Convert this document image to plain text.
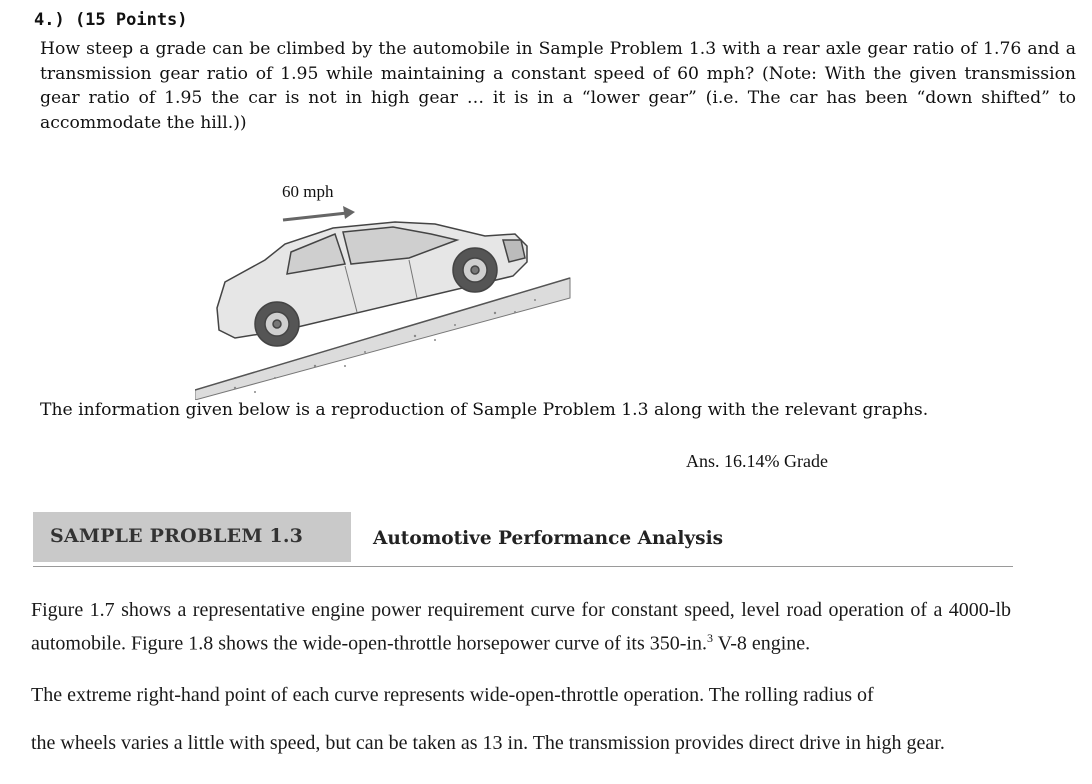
4.) (15 Points)
How steep a grade can be climbed by the automobile in Sample Problem 1.3 with a rear axle gear ratio of 1.76 and a transmission gear ratio of 1.95 while maintaining a constant speed of 60 mph? (Note: With the given transmission gear ratio of 1.95 the car is not in high gear … it is in a “lower gear” (i.e. The car has been “down shifted” to accommodate the hill.))
60 mph
The information given below is a reproduction of Sample Problem 1.3 along with the relevant graphs.
Ans. 16.14% Grade
SAMPLE PROBLEM 1.3	Automotive Performance Analysis
Figure 1.7 shows a representative engine power requirement curve for constant speed, level road operation of a 4000-lb automobile. Figure 1.8 shows the wide-open-throttle horsepower curve of its 350-in.$^3$ V-8 engine.
The extreme right-hand point of each curve represents wide-open-throttle operation. The rolling radius of
the wheels varies a little with speed, but can be taken as 13 in. The transmission provides direct drive in high gear.
